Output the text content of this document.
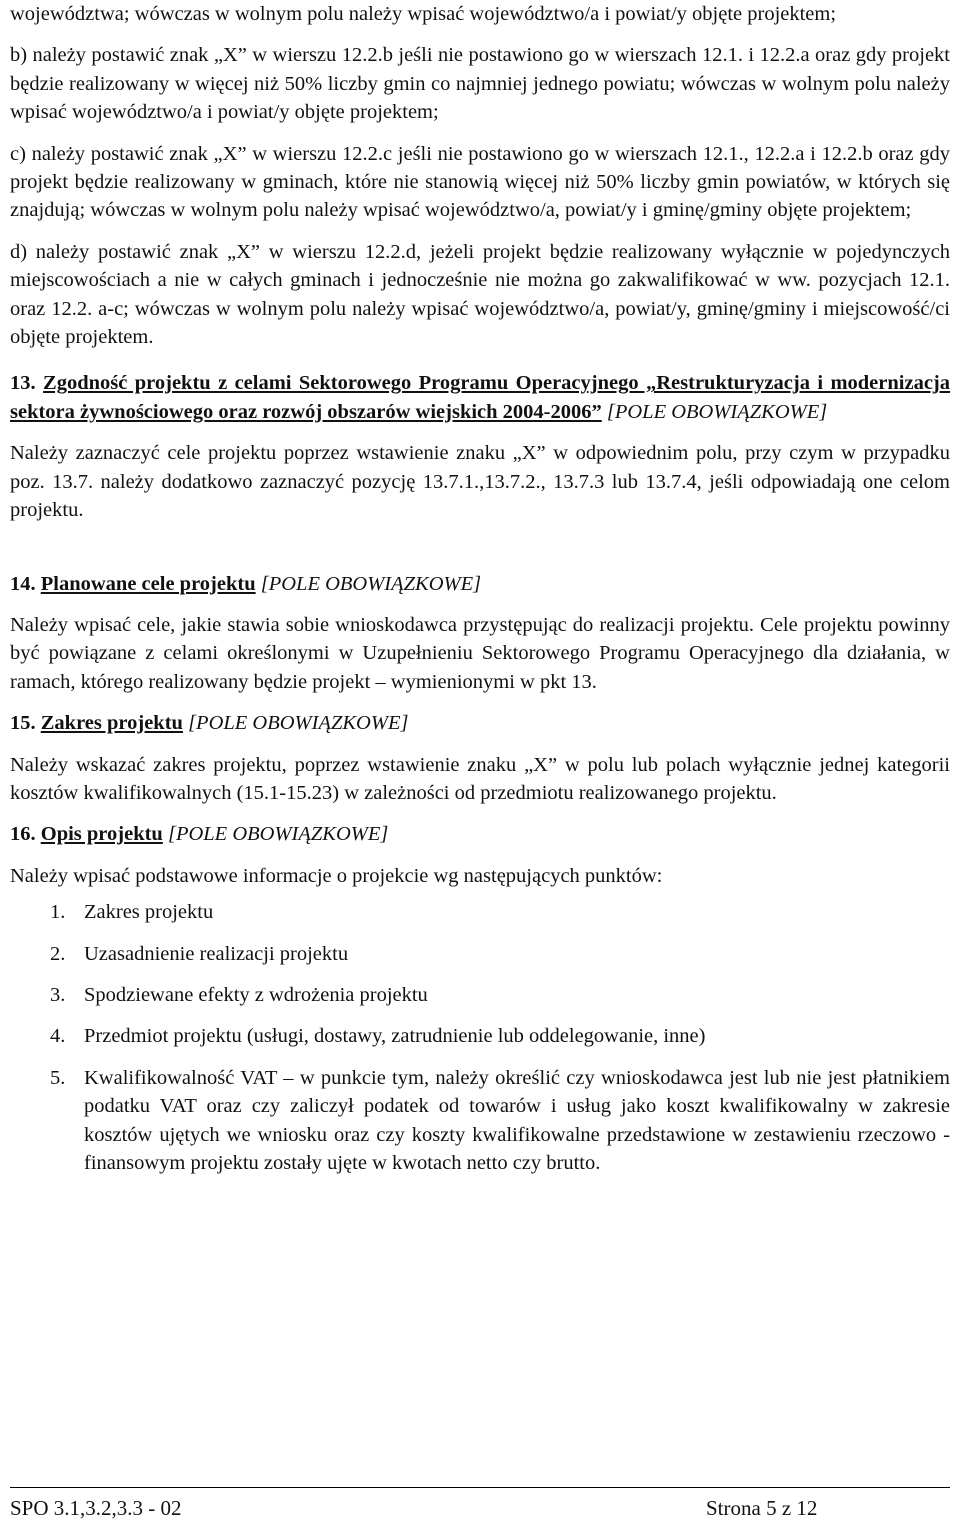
województwa; wówczas w wolnym polu należy wpisać województwo/a i powiat/y objęte projektem;

b) należy postawić znak „X” w wierszu 12.2.b jeśli nie postawiono go w wierszach 12.1. i 12.2.a oraz gdy projekt będzie realizowany w więcej niż 50% liczby gmin co najmniej jednego powiatu; wówczas w wolnym polu należy wpisać województwo/a i powiat/y objęte projektem;

c) należy postawić znak „X” w wierszu 12.2.c jeśli nie postawiono go w wierszach 12.1., 12.2.a i 12.2.b oraz gdy projekt będzie realizowany w gminach, które nie stanowią więcej niż 50% liczby gmin powiatów, w których się znajdują; wówczas w wolnym polu należy wpisać województwo/a, powiat/y i gminę/gminy objęte projektem;

d) należy postawić znak „X” w wierszu 12.2.d, jeżeli projekt będzie realizowany wyłącznie w pojedynczych miejscowościach a nie w całych gminach i jednocześnie nie można go zakwalifikować w ww. pozycjach 12.1. oraz 12.2. a-c; wówczas w wolnym polu należy wpisać województwo/a, powiat/y, gminę/gminy i miejscowość/ci objęte projektem.

13. Zgodność projektu z celami Sektorowego Programu Operacyjnego „Restrukturyzacja i modernizacja sektora żywnościowego oraz rozwój obszarów wiejskich 2004-2006” [POLE OBOWIĄZKOWE]

Należy zaznaczyć cele projektu poprzez wstawienie znaku „X” w odpowiednim polu, przy czym w przypadku poz. 13.7. należy dodatkowo zaznaczyć pozycję 13.7.1.,13.7.2., 13.7.3 lub 13.7.4, jeśli odpowiadają one celom projektu.

14. Planowane cele projektu [POLE OBOWIĄZKOWE]

Należy wpisać cele, jakie stawia sobie wnioskodawca przystępując do realizacji projektu. Cele projektu powinny być powiązane z celami określonymi w Uzupełnieniu Sektorowego Programu Operacyjnego dla działania, w ramach, którego realizowany będzie projekt – wymienionymi w pkt 13.

15. Zakres projektu [POLE OBOWIĄZKOWE]

Należy wskazać zakres projektu, poprzez wstawienie znaku „X” w polu lub polach wyłącznie jednej kategorii kosztów kwalifikowalnych (15.1-15.23) w zależności od przedmiotu realizowanego projektu.

16. Opis projektu [POLE OBOWIĄZKOWE]

Należy wpisać podstawowe informacje o projekcie wg następujących punktów:

1. Zakres projektu
2. Uzasadnienie realizacji projektu
3. Spodziewane efekty z wdrożenia projektu
4. Przedmiot projektu (usługi, dostawy, zatrudnienie lub oddelegowanie, inne)
5. Kwalifikowalność VAT – w punkcie tym, należy określić czy wnioskodawca jest lub nie jest płatnikiem podatku VAT oraz czy zaliczył podatek od towarów i usług jako koszt kwalifikowalny w zakresie kosztów ujętych we wniosku oraz czy koszty kwalifikowalne przedstawione w zestawieniu rzeczowo - finansowym projektu zostały ujęte w kwotach netto czy brutto.
SPO 3.1,3.2,3.3 - 02	Strona 5 z 12
